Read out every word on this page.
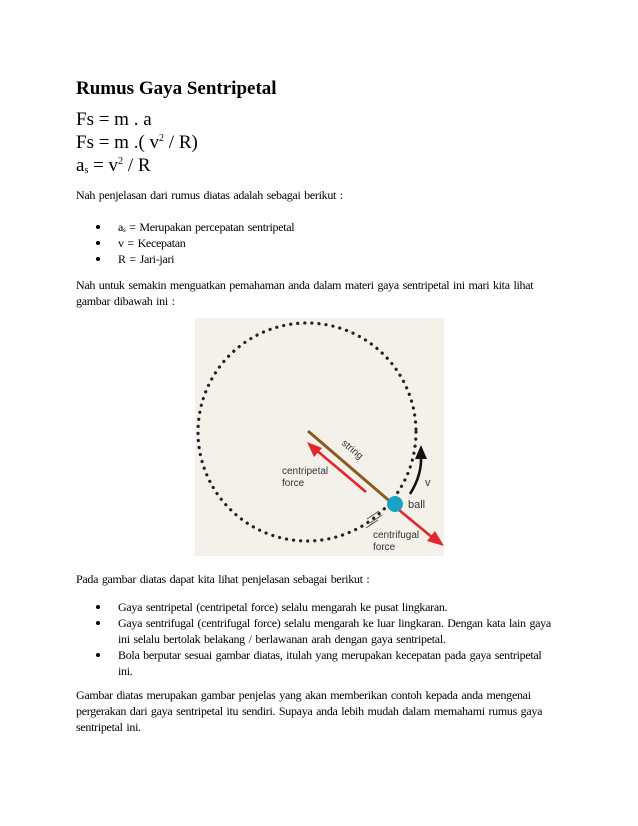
Rumus Gaya Sentripetal

Fs = m . a

Fs = m .( $v^2 / R$)

$a_s = v^2 / R$

Nah penjelasan dari rumus diatas adalah sebagai berikut :

$a_s$ = Merupakan percepatan sentripetal
v = Kecepatan
R = Jari-jari

Nah untuk semakin menguatkan pemahaman anda dalam materi gaya sentripetal ini mari kita lihat gambar dibawah ini :

string
v
ball
centripetal
force
centrifugal
force

Pada gambar diatas dapat kita lihat penjelasan sebagai berikut :

Gaya sentripetal (centripetal force) selalu mengarah ke pusat lingkaran.
Gaya sentrifugal (centrifugal force) selalu mengarah ke luar lingkaran. Dengan kata lain gaya ini selalu bertolak belakang / berlawanan arah dengan gaya sentripetal.
Bola berputar sesuai gambar diatas, itulah yang merupakan kecepatan pada gaya sentripetal ini.

Gambar diatas merupakan gambar penjelas yang akan memberikan contoh kepada anda mengenai pergerakan dari gaya sentripetal itu sendiri. Supaya anda lebih mudah dalam memahami rumus gaya sentripetal ini.
